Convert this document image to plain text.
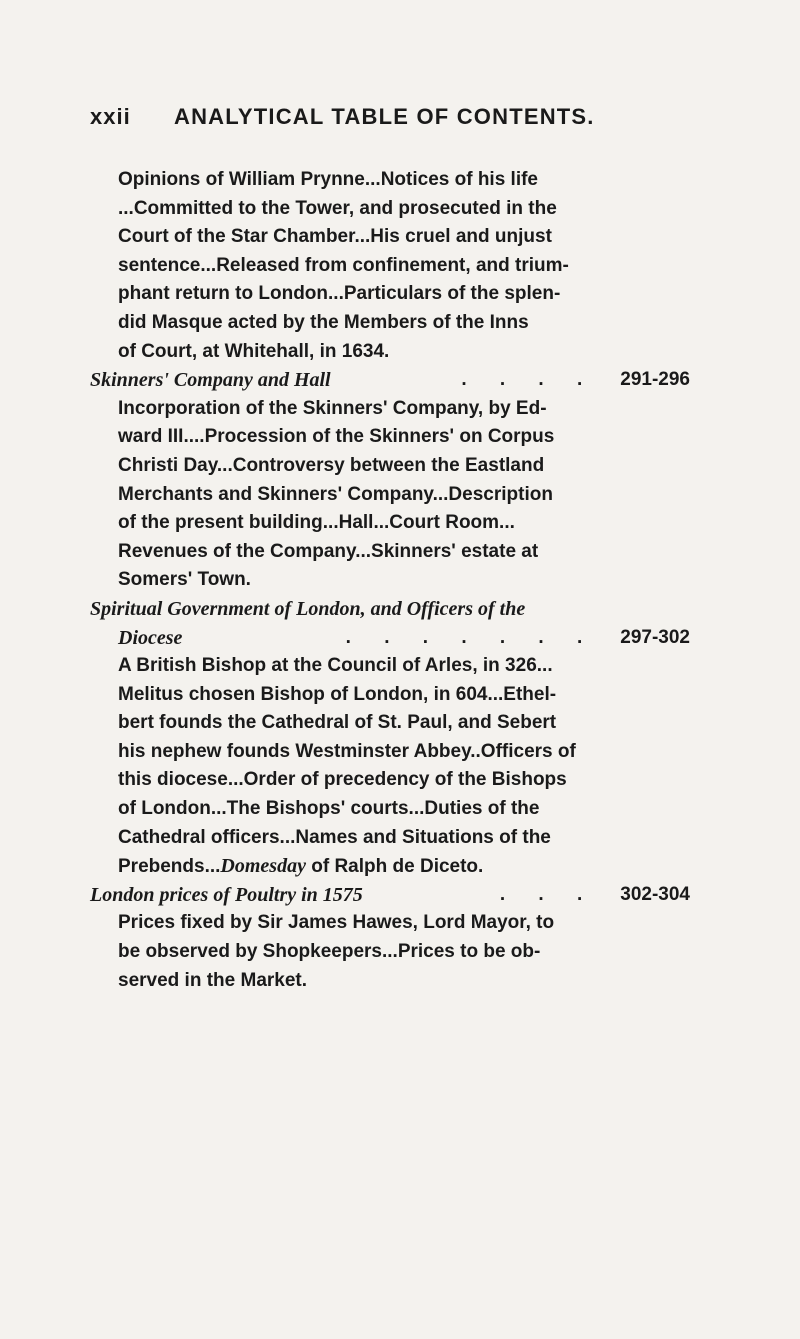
xxii ANALYTICAL TABLE OF CONTENTS.
Opinions of William Prynne...Notices of his life
...Committed to the Tower, and prosecuted in the
Court of the Star Chamber...His cruel and unjust
sentence...Released from confinement, and trium-
phant return to London...Particulars of the splen-
did Masque acted by the Members of the Inns
of Court, at Whitehall, in 1634.
Skinners' Company and Hall	. . . . 291-296
Incorporation of the Skinners' Company, by Ed-
ward III....Procession of the Skinners' on Corpus
Christi Day...Controversy between the Eastland
Merchants and Skinners' Company...Description
of the present building...Hall...Court Room...
Revenues of the Company...Skinners' estate at
Somers' Town.
Spiritual Government of London, and Officers of the
Diocese	. . . . . . . 297-302
A British Bishop at the Council of Arles, in 326...
Melitus chosen Bishop of London, in 604...Ethel-
bert founds the Cathedral of St. Paul, and Sebert
his nephew founds Westminster Abbey..Officers of
this diocese...Order of precedency of the Bishops
of London...The Bishops' courts...Duties of the
Cathedral officers...Names and Situations of the
Prebends...Domesday of Ralph de Diceto.
London prices of Poultry in 1575	. . . 302-304
Prices fixed by Sir James Hawes, Lord Mayor, to
be observed by Shopkeepers...Prices to be ob-
served in the Market.
